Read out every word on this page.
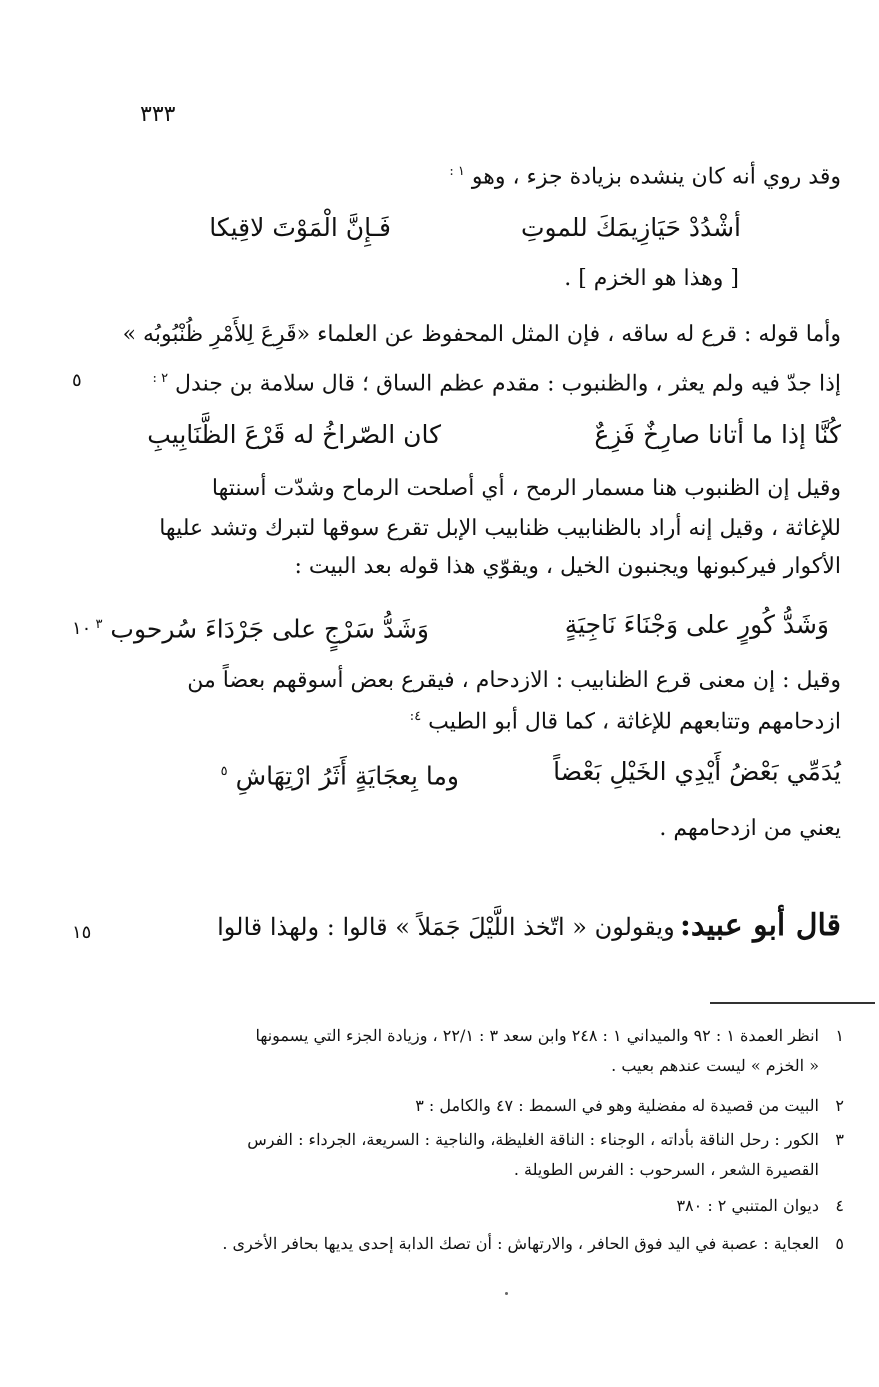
٣٣٣
وقد روي أنه كان ينشده بزيادة جزء ، وهو $^{١ :}$
أشْدُدْ حَيَازِيمَكَ للموتِ
فَـإِنَّ الْمَوْتَ لاقِيكا
[ وهذا هو الخزم ] .
وأما قوله : قرع له ساقه ، فإن المثل المحفوظ عن العلماء «قَرِعَ لِلأَمْرِ ظُنْبُوبُه »
إذا جدّ فيه ولم يعثر ، والظنبوب : مقدم عظم الساق ؛ قال سلامة بن جندل $^{٢ :}$
٥
كُنَّا إذا ما أتانا صارِخٌ فَزِعٌ
كان الصّراخُ له قَرْعَ الظَّنَابِيبِ
وقيل إن الظنبوب هنا مسمار الرمح ، أي أصلحت الرماح وشدّت أسنتها
للإغاثة ، وقيل إنه أراد بالظنابيب ظنابيب الإبل تقرع سوقها لتبرك وتشد عليها
الأكوار فيركبونها ويجنبون الخيل ، ويقوّي هذا قوله بعد البيت :
وَشَدُّ كُورٍ على وَجْنَاءَ نَاجِيَةٍ
وَشَدُّ سَرْجٍ على جَرْدَاءَ سُرحوب $^٣$
١٠
وقيل : إن معنى قرع الظنابيب : الازدحام ، فيقرع بعض أسوقهم بعضاً من
ازدحامهم وتتابعهم للإغاثة ، كما قال أبو الطيب $^{٤:}$
يُدَمِّي بَعْضُ أَيْدِي الخَيْلِ بَعْضاً
وما بِعجَايَةٍ أَثَرُ ارْتِهَاشِ $^٥$
يعني من ازدحامهم .
قال أبو عبيد: ويقولون « اتّخذ اللَّيْلَ جَمَلاً » قالوا : ولهذا قالوا
١٥
١
انظر العمدة ١ : ٩٢ والميداني ١ : ٢٤٨ وابن سعد ٣ : ٢٢/١ ، وزيادة الجزء التي يسمونها
« الخزم » ليست عندهم بعيب .
٢
البيت من قصيدة له مفضلية وهو في السمط : ٤٧ والكامل : ٣
٣
الكور : رحل الناقة بأداته ، الوجناء : الناقة الغليظة، والناجية : السريعة، الجرداء : الفرس
القصيرة الشعر ، السرحوب : الفرس الطويلة .
٤
ديوان المتنبي ٢ : ٣٨٠
٥
العجاية : عصبة في اليد فوق الحافر ، والارتهاش : أن تصك الدابة إحدى يديها بحافر الأخرى .
